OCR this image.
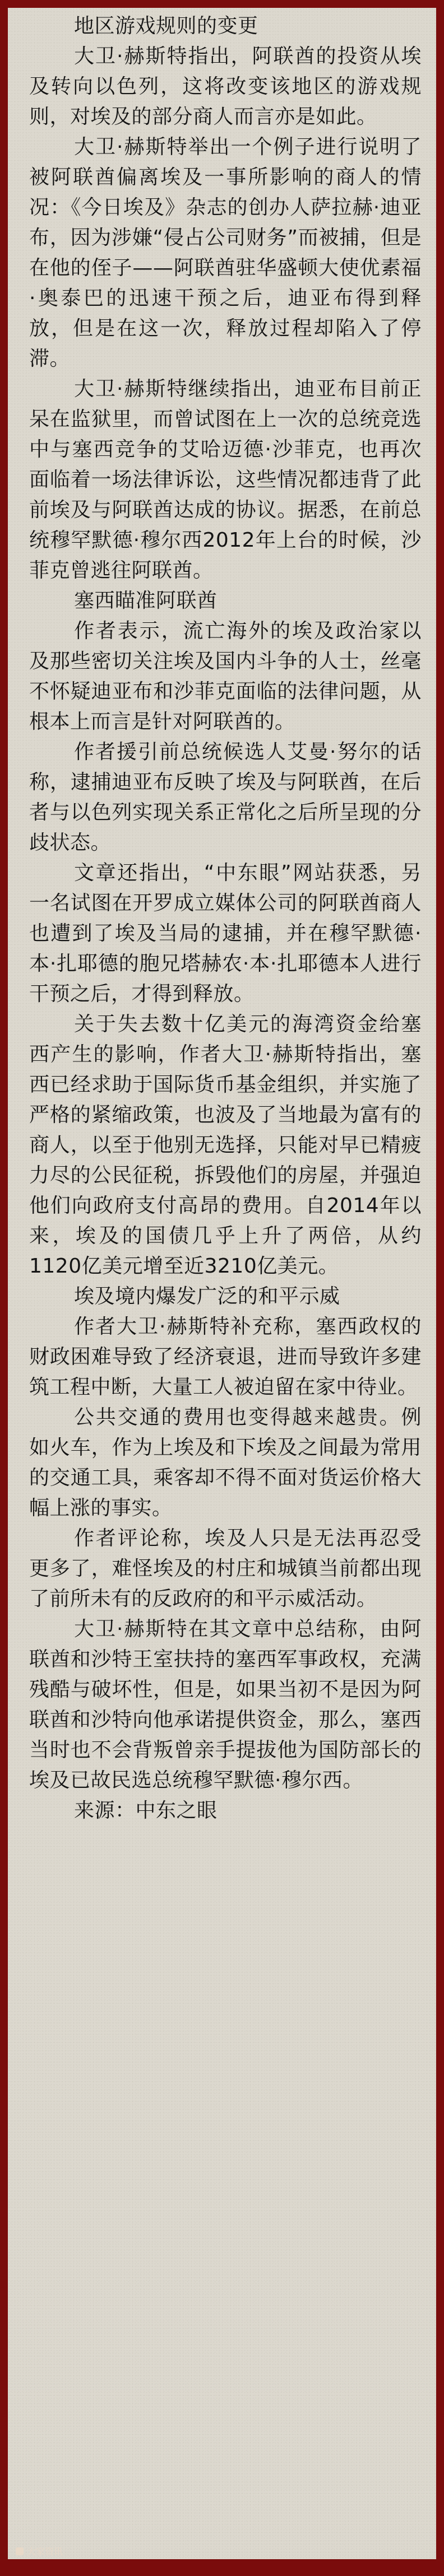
地区游戏规则的变更

大卫·赫斯特指出，阿联酋的投资从埃及转向以色列，这将改变该地区的游戏规则，对埃及的部分商人而言亦是如此。

大卫·赫斯特举出一个例子进行说明了被阿联酋偏离埃及一事所影响的商人的情况：《今日埃及》杂志的创办人萨拉赫·迪亚布，因为涉嫌“侵占公司财务”而被捕，但是在他的侄子——阿联酋驻华盛顿大使优素福·奥泰巴的迅速干预之后，迪亚布得到释放，但是在这一次，释放过程却陷入了停滞。

大卫·赫斯特继续指出，迪亚布目前正呆在监狱里，而曾试图在上一次的总统竞选中与塞西竞争的艾哈迈德·沙菲克，也再次面临着一场法律诉讼，这些情况都违背了此前埃及与阿联酋达成的协议。据悉，在前总统穆罕默德·穆尔西2012年上台的时候，沙菲克曾逃往阿联酋。

塞西瞄准阿联酋

作者表示，流亡海外的埃及政治家以及那些密切关注埃及国内斗争的人士，丝毫不怀疑迪亚布和沙菲克面临的法律问题，从根本上而言是针对阿联酋的。

作者援引前总统候选人艾曼·努尔的话称，逮捕迪亚布反映了埃及与阿联酋，在后者与以色列实现关系正常化之后所呈现的分歧状态。

文章还指出，“中东眼”网站获悉，另一名试图在开罗成立媒体公司的阿联酋商人也遭到了埃及当局的逮捕，并在穆罕默德·本·扎耶德的胞兄塔赫农·本·扎耶德本人进行干预之后，才得到释放。

关于失去数十亿美元的海湾资金给塞西产生的影响，作者大卫·赫斯特指出，塞西已经求助于国际货币基金组织，并实施了严格的紧缩政策，也波及了当地最为富有的商人，以至于他别无选择，只能对早已精疲力尽的公民征税，拆毁他们的房屋，并强迫他们向政府支付高昂的费用。自2014年以来，埃及的国债几乎上升了两倍，从约1120亿美元增至近3210亿美元。

埃及境内爆发广泛的和平示威

作者大卫·赫斯特补充称，塞西政权的财政困难导致了经济衰退，进而导致许多建筑工程中断，大量工人被迫留在家中待业。

公共交通的费用也变得越来越贵。例如火车，作为上埃及和下埃及之间最为常用的交通工具，乘客却不得不面对货运价格大幅上涨的事实。

作者评论称，埃及人只是无法再忍受更多了，难怪埃及的村庄和城镇当前都出现了前所未有的反政府的和平示威活动。

大卫·赫斯特在其文章中总结称，由阿联酋和沙特王室扶持的塞西军事政权，充满残酷与破坏性，但是，如果当初不是因为阿联酋和沙特向他承诺提供资金，那么，塞西当时也不会背叛曾亲手提拔他为国防部长的埃及已故民选总统穆罕默德·穆尔西。

来源：中东之眼

大家资讯
